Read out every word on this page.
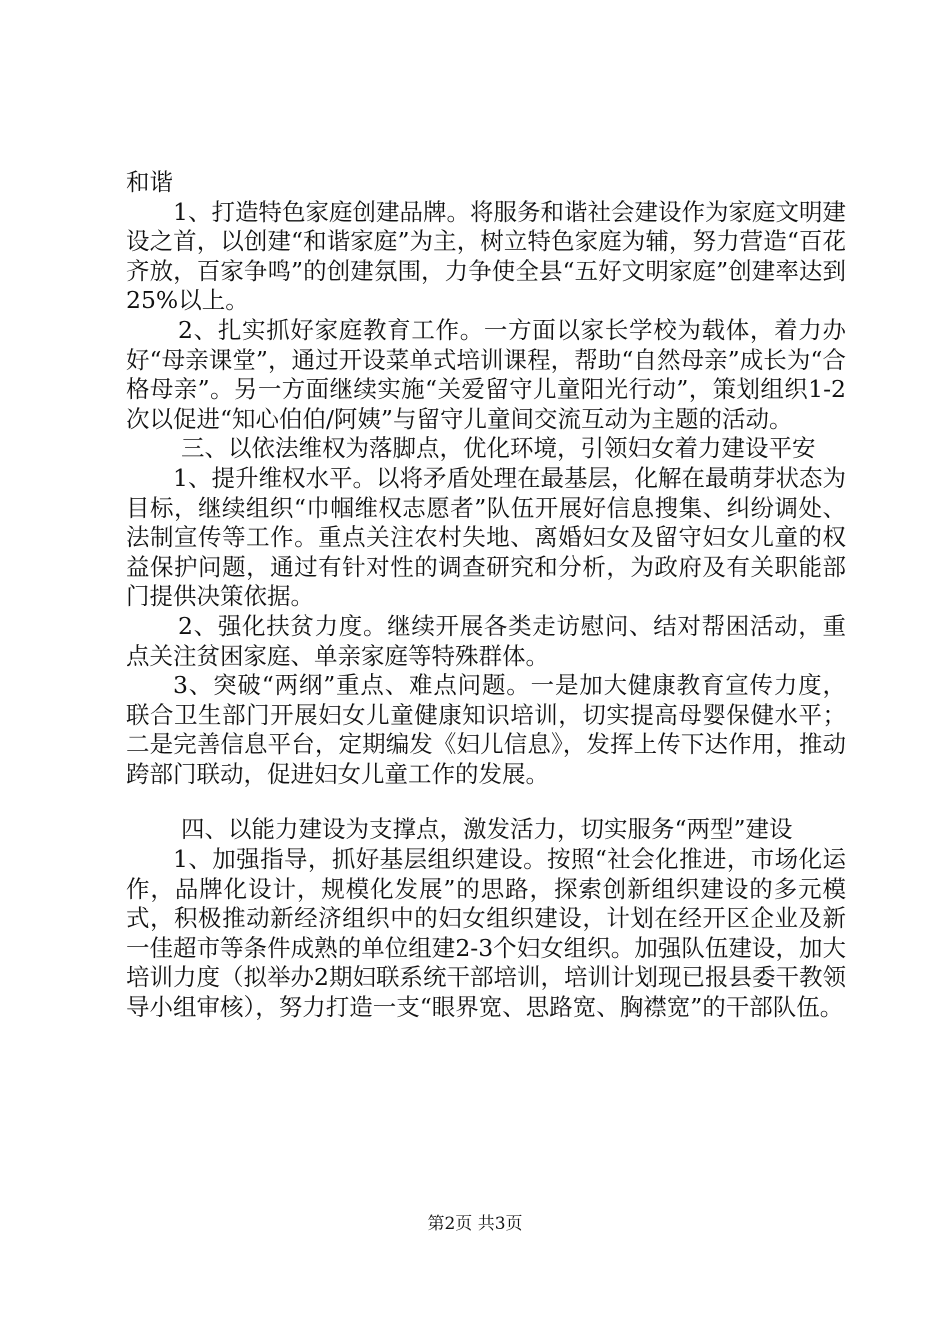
和谐

1、打造特色家庭创建品牌。将服务和谐社会建设作为家庭文明建设之首，以创建“和谐家庭”为主，树立特色家庭为辅，努力营造“百花齐放，百家争鸣”的创建氛围，力争使全县“五好文明家庭”创建率达到25%以上。

2、扎实抓好家庭教育工作。一方面以家长学校为载体，着力办好“母亲课堂”，通过开设菜单式培训课程，帮助“自然母亲”成长为“合格母亲”。另一方面继续实施“关爱留守儿童阳光行动”，策划组织1-2次以促进“知心伯伯/阿姨”与留守儿童间交流互动为主题的活动。

三、以依法维权为落脚点，优化环境，引领妇女着力建设平安

1、提升维权水平。以将矛盾处理在最基层，化解在最萌芽状态为目标，继续组织“巾帼维权志愿者”队伍开展好信息搜集、纠纷调处、法制宣传等工作。重点关注农村失地、离婚妇女及留守妇女儿童的权益保护问题，通过有针对性的调查研究和分析，为政府及有关职能部门提供决策依据。

2、强化扶贫力度。继续开展各类走访慰问、结对帮困活动，重点关注贫困家庭、单亲家庭等特殊群体。

3、突破“两纲”重点、难点问题。一是加大健康教育宣传力度，联合卫生部门开展妇女儿童健康知识培训，切实提高母婴保健水平；二是完善信息平台，定期编发《妇儿信息》，发挥上传下达作用，推动跨部门联动，促进妇女儿童工作的发展。

四、以能力建设为支撑点，激发活力，切实服务“两型”建设

1、加强指导，抓好基层组织建设。按照“社会化推进，市场化运作，品牌化设计，规模化发展”的思路，探索创新组织建设的多元模式，积极推动新经济组织中的妇女组织建设，计划在经开区企业及新一佳超市等条件成熟的单位组建2-3个妇女组织。加强队伍建设，加大培训力度（拟举办2期妇联系统干部培训，培训计划现已报县委干教领导小组审核），努力打造一支“眼界宽、思路宽、胸襟宽”的干部队伍。

第2页 共3页
